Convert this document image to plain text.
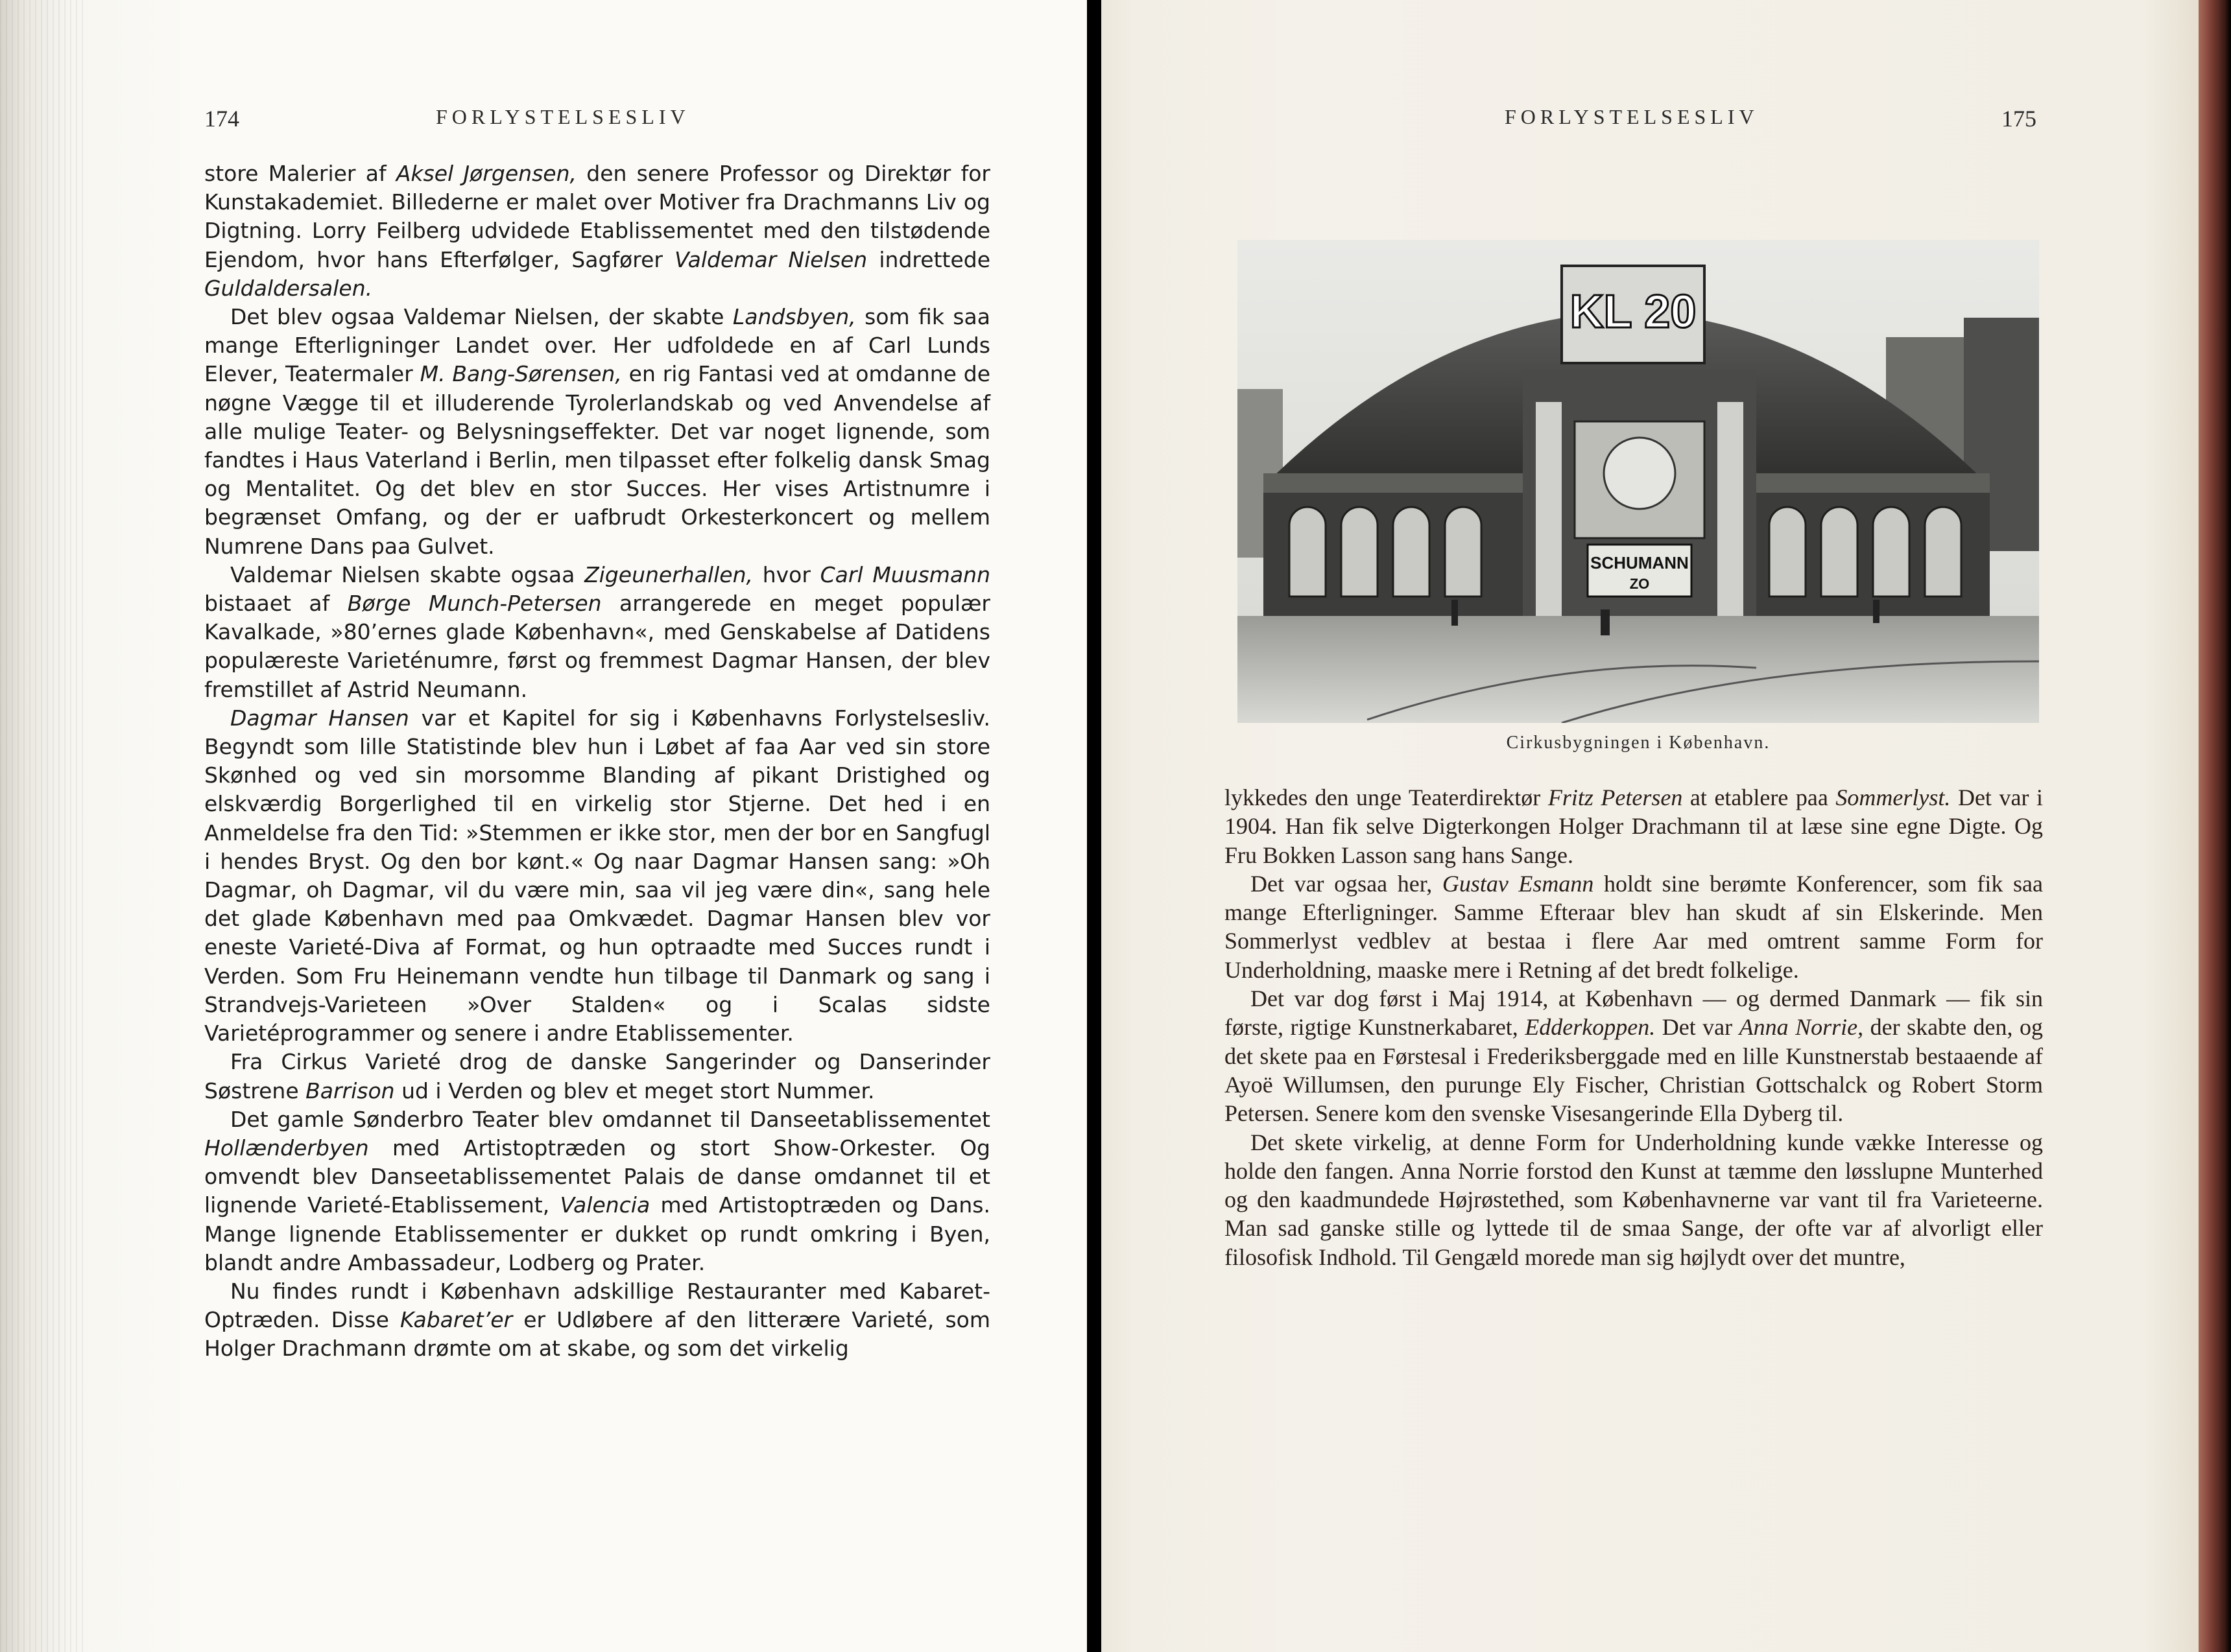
174	FORLYSTELSESLIV

store Malerier af Aksel Jørgensen, den senere Professor og Direktør for Kunstakademiet. Billederne er malet over Motiver fra Drachmanns Liv og Digtning. Lorry Feilberg udvidede Etablissementet med den tilstødende Ejendom, hvor hans Efterfølger, Sagfører Valdemar Nielsen indrettede Guldaldersalen.

Det blev ogsaa Valdemar Nielsen, der skabte Landsbyen, som fik saa mange Efterligninger Landet over. Her udfoldede en af Carl Lunds Elever, Teatermaler M. Bang-Sørensen, en rig Fantasi ved at omdanne de nøgne Vægge til et illuderende Tyrolerlandskab og ved Anvendelse af alle mulige Teater- og Belysningseffekter. Det var noget lignende, som fandtes i Haus Vaterland i Berlin, men tilpasset efter folkelig dansk Smag og Mentalitet. Og det blev en stor Succes. Her vises Artistnumre i begrænset Omfang, og der er uafbrudt Orkesterkoncert og mellem Numrene Dans paa Gulvet.

Valdemar Nielsen skabte ogsaa Zigeunerhallen, hvor Carl Muusmann bistaaet af Børge Munch-Petersen arrangerede en meget populær Kavalkade, »80’ernes glade København«, med Genskabelse af Datidens populæreste Varieténumre, først og fremmest Dagmar Hansen, der blev fremstillet af Astrid Neumann.

Dagmar Hansen var et Kapitel for sig i Københavns Forlystelsesliv. Begyndt som lille Statistinde blev hun i Løbet af faa Aar ved sin store Skønhed og ved sin morsomme Blanding af pikant Dristighed og elskværdig Borgerlighed til en virkelig stor Stjerne. Det hed i en Anmeldelse fra den Tid: »Stemmen er ikke stor, men der bor en Sangfugl i hendes Bryst. Og den bor kønt.« Og naar Dagmar Hansen sang: »Oh Dagmar, oh Dagmar, vil du være min, saa vil jeg være din«, sang hele det glade København med paa Omkvædet. Dagmar Hansen blev vor eneste Varieté-Diva af Format, og hun optraadte med Succes rundt i Verden. Som Fru Heinemann vendte hun tilbage til Danmark og sang i Strandvejs-Varieteen »Over Stalden« og i Scalas sidste Varietéprogrammer og senere i andre Etablissementer.

Fra Cirkus Varieté drog de danske Sangerinder og Danserinder Søstrene Barrison ud i Verden og blev et meget stort Nummer.

Det gamle Sønderbro Teater blev omdannet til Danseetablissementet Hollænderbyen med Artistoptræden og stort Show-Orkester. Og omvendt blev Danseetablissementet Palais de danse omdannet til et lignende Varieté-Etablissement, Valencia med Artistoptræden og Dans. Mange lignende Etablissementer er dukket op rundt omkring i Byen, blandt andre Ambassadeur, Lodberg og Prater.

Nu findes rundt i København adskillige Restauranter med Kabaret-Optræden. Disse Kabaret’er er Udløbere af den litterære Varieté, som Holger Drachmann drømte om at skabe, og som det virkelig

FORLYSTELSESLIV	175
SCHUMANN
ZO
KL 20
Cirkusbygningen i København.

lykkedes den unge Teaterdirektør Fritz Petersen at etablere paa Sommerlyst. Det var i 1904. Han fik selve Digterkongen Holger Drachmann til at læse sine egne Digte. Og Fru Bokken Lasson sang hans Sange.

Det var ogsaa her, Gustav Esmann holdt sine berømte Konferencer, som fik saa mange Efterligninger. Samme Efteraar blev han skudt af sin Elskerinde. Men Sommerlyst vedblev at bestaa i flere Aar med omtrent samme Form for Underholdning, maaske mere i Retning af det bredt folkelige.

Det var dog først i Maj 1914, at København — og dermed Danmark — fik sin første, rigtige Kunstnerkabaret, Edderkoppen. Det var Anna Norrie, der skabte den, og det skete paa en Førstesal i Frederiksberggade med en lille Kunstnerstab bestaaende af Ayoë Willumsen, den purunge Ely Fischer, Christian Gottschalck og Robert Storm Petersen. Senere kom den svenske Visesangerinde Ella Dyberg til.

Det skete virkelig, at denne Form for Underholdning kunde vække Interesse og holde den fangen. Anna Norrie forstod den Kunst at tæmme den løsslupne Munterhed og den kaadmundede Højrøstethed, som Københavnerne var vant til fra Varieteerne. Man sad ganske stille og lyttede til de smaa Sange, der ofte var af alvorligt eller filosofisk Indhold. Til Gengæld morede man sig højlydt over det muntre,
